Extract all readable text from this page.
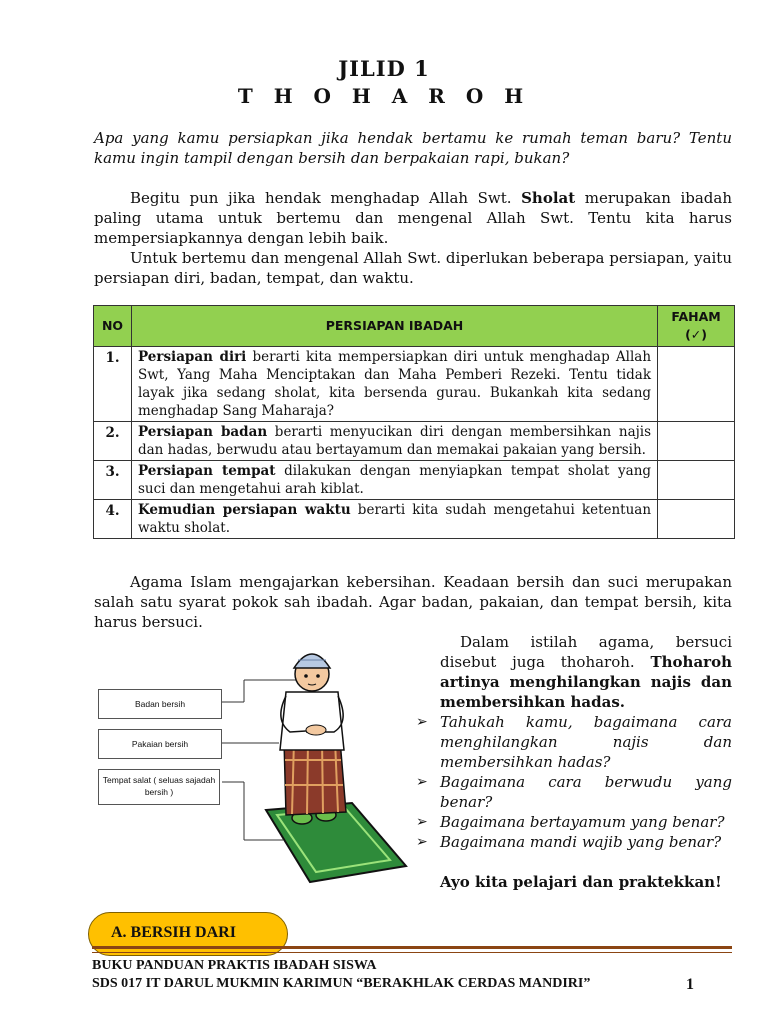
JILID 1
T H O H A R O H
Apa yang kamu persiapkan jika hendak bertamu ke rumah teman baru? Tentu kamu ingin tampil dengan bersih dan berpakaian rapi, bukan?
Begitu pun jika hendak menghadap Allah Swt. Sholat merupakan ibadah paling utama untuk bertemu dan mengenal Allah Swt. Tentu kita harus mempersiapkannya dengan lebih baik.
Untuk bertemu dan mengenal Allah Swt. diperlukan beberapa persiapan, yaitu persiapan diri, badan, tempat, dan waktu.
NO	PERSIAPAN IBADAH	FAHAM (✓)
1.	Persiapan diri berarti kita mempersiapkan diri untuk menghadap Allah Swt, Yang Maha Menciptakan dan Maha Pemberi Rezeki. Tentu tidak layak jika sedang sholat, kita bersenda gurau. Bukankah kita sedang menghadap Sang Maharaja?	
2.	Persiapan badan berarti menyucikan diri dengan membersihkan najis dan hadas, berwudu atau bertayamum dan memakai pakaian yang bersih.	
3.	Persiapan tempat dilakukan dengan menyiapkan tempat sholat yang suci dan mengetahui arah kiblat.	
4.	Kemudian persiapan waktu berarti kita sudah mengetahui ketentuan waktu sholat.	
Agama Islam mengajarkan kebersihan. Keadaan bersih dan suci merupakan salah satu syarat pokok sah ibadah. Agar badan, pakaian, dan tempat bersih, kita harus bersuci.
Badan bersih
Pakaian bersih
Tempat salat ( seluas sajadah bersih )
Dalam istilah agama, bersuci disebut juga thoharoh. Thoharoh artinya menghilangkan najis dan membersihkan hadas.
➢ Tahukah kamu, bagaimana cara menghilangkan najis dan membersihkan hadas?
➢ Bagaimana cara berwudu yang benar?
➢ Bagaimana bertayamum yang benar?
➢ Bagaimana mandi wajib yang benar?
Ayo kita pelajari dan praktekkan!
A. BERSIH DARI
BUKU PANDUAN PRAKTIS IBADAH SISWA
SDS 017 IT DARUL MUKMIN KARIMUN “BERAKHLAK CERDAS MANDIRI”	1
